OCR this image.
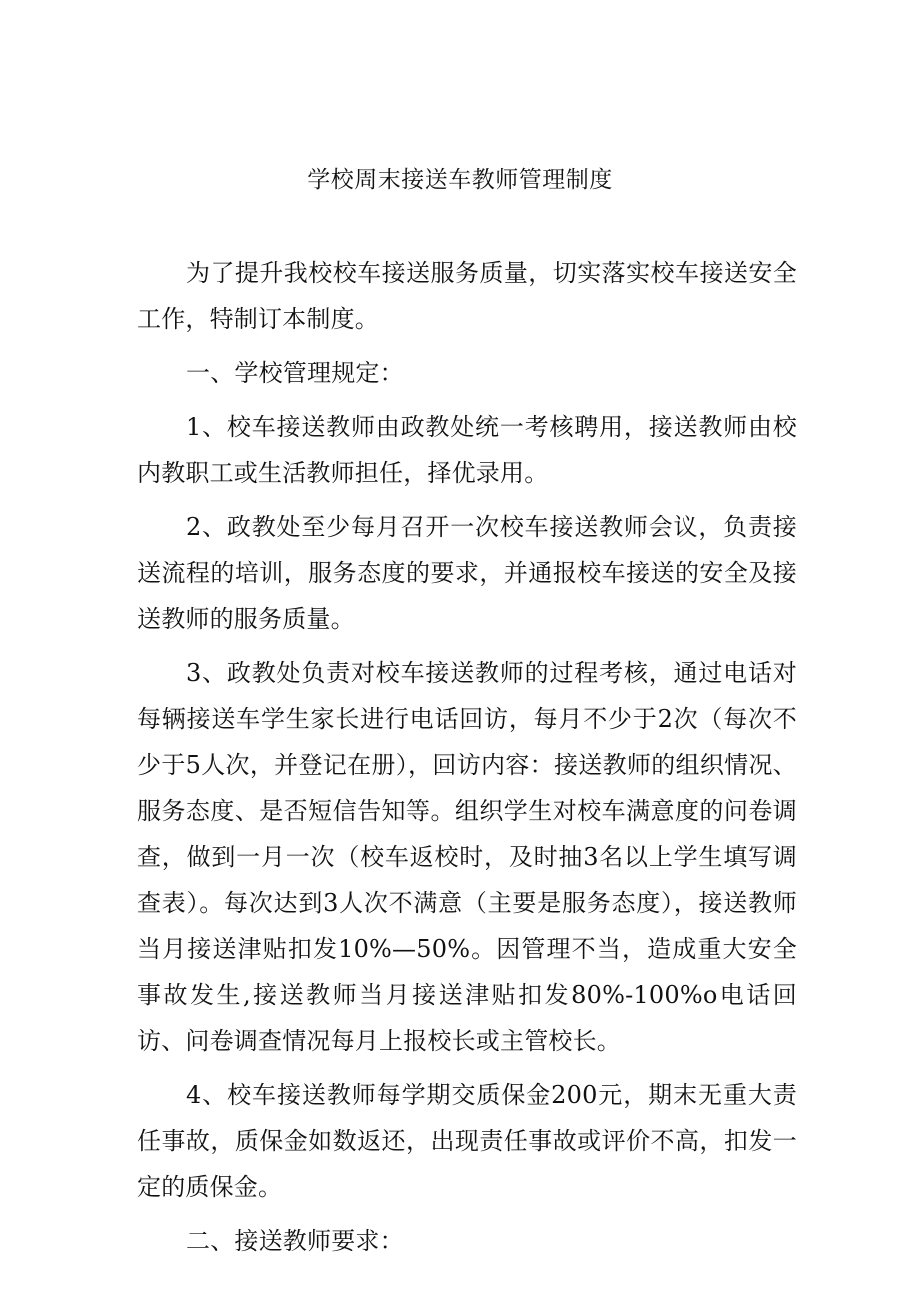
学校周末接送车教师管理制度

为了提升我校校车接送服务质量，切实落实校车接送安全工作，特制订本制度。

一、学校管理规定：

1、校车接送教师由政教处统一考核聘用，接送教师由校内教职工或生活教师担任，择优录用。

2、政教处至少每月召开一次校车接送教师会议，负责接送流程的培训，服务态度的要求，并通报校车接送的安全及接送教师的服务质量。

3、政教处负责对校车接送教师的过程考核，通过电话对每辆接送车学生家长进行电话回访，每月不少于2次（每次不少于5人次，并登记在册），回访内容：接送教师的组织情况、服务态度、是否短信告知等。组织学生对校车满意度的问卷调查，做到一月一次（校车返校时，及时抽3名以上学生填写调查表）。每次达到3人次不满意（主要是服务态度），接送教师当月接送津贴扣发10%—50%。因管理不当，造成重大安全事故发生,接送教师当月接送津贴扣发80%-100%o电话回访、问卷调查情况每月上报校长或主管校长。

4、校车接送教师每学期交质保金200元，期末无重大责任事故，质保金如数返还，出现责任事故或评价不高，扣发一定的质保金。

二、接送教师要求：
